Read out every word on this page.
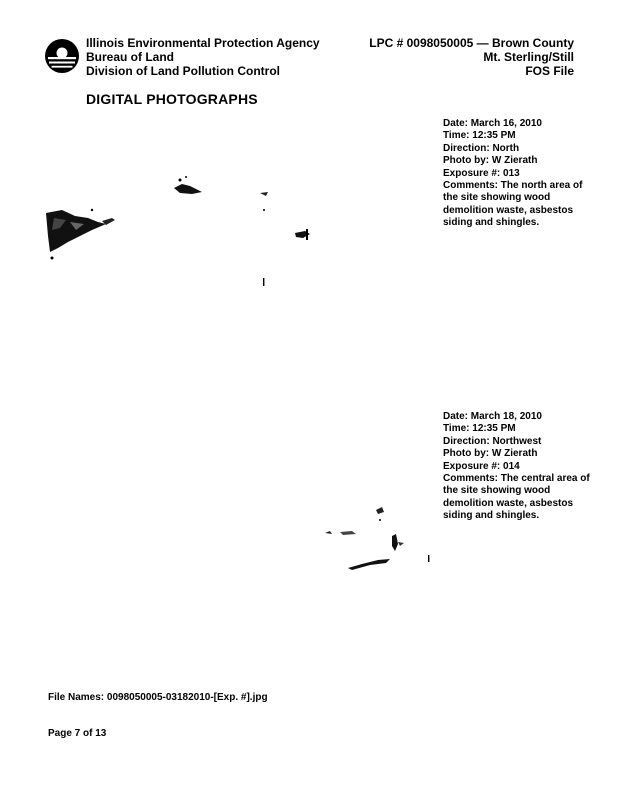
Illinois Environmental Protection Agency
Bureau of Land
Division of Land Pollution Control
LPC # 0098050005 — Brown County
Mt. Sterling/Still
FOS File
DIGITAL PHOTOGRAPHS
Date: March 16, 2010
Time: 12:35 PM
Direction: North
Photo by: W Zierath
Exposure #: 013
Comments: The north area of the site showing wood demolition waste, asbestos siding and shingles.
Date: March 18, 2010
Time: 12:35 PM
Direction: Northwest
Photo by: W Zierath
Exposure #: 014
Comments: The central area of the site showing wood demolition waste, asbestos siding and shingles.
File Names: 0098050005-03182010-[Exp. #].jpg
Page 7 of 13
